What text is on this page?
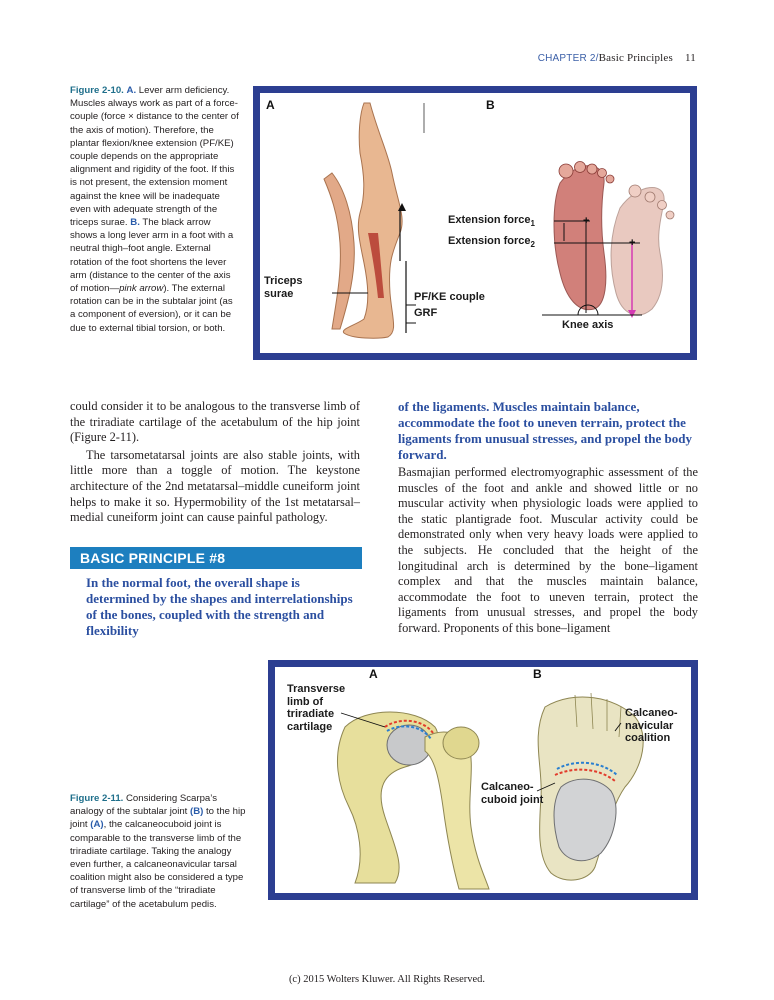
CHAPTER 2/Basic Principles 11
Figure 2-10. A. Lever arm deficiency. Muscles always work as part of a force-couple (force × distance to the center of the axis of motion). Therefore, the plantar flexion/knee extension (PF/KE) couple depends on the appropriate alignment and rigidity of the foot. If this is not present, the extension moment against the knee will be inadequate even with adequate strength of the triceps surae. B. The black arrow shows a long lever arm in a foot with a neutral thigh–foot angle. External rotation of the foot shortens the lever arm (distance to the center of the axis of motion—pink arrow). The external rotation can be in the subtalar joint (as a component of eversion), or it can be due to external tibial torsion, or both.
+
+
A	B
Triceps
surae	PF/KE couple
GRF
Extension force$_1$
Extension force$_2$
Knee axis

could consider it to be analogous to the transverse limb of the triradiate cartilage of the acetabulum of the hip joint (Figure 2-11).

The tarsometatarsal joints are also stable joints, with little more than a toggle of motion. The keystone architecture of the 2nd metatarsal–middle cuneiform joint helps to make it so. Hypermobility of the 1st metatarsal–medial cuneiform joint can cause painful pathology.

BASIC PRINCIPLE #8
In the normal foot, the overall shape is determined by the shapes and interrelationships of the bones, coupled with the strength and flexibility
of the ligaments. Muscles maintain balance, accommodate the foot to uneven terrain, protect the ligaments from unusual stresses, and propel the body forward.

Basmajian performed electromyographic assessment of the muscles of the foot and ankle and showed little or no muscular activity when physiologic loads were applied to the static plantigrade foot. Muscular activity could be demonstrated only when very heavy loads were applied to the subjects. He concluded that the height of the longitudinal arch is determined by the bone–ligament complex and that the muscles maintain balance, accommodate the foot to uneven terrain, protect the ligaments from unusual stresses, and propel the body forward. Proponents of this bone–ligament

Figure 2-11. Considering Scarpa’s analogy of the subtalar joint (B) to the hip joint (A), the calcaneocuboid joint is comparable to the transverse limb of the triradiate cartilage. Taking the analogy even further, a calcaneonavicular tarsal coalition might also be considered a type of transverse limb of the “triradiate cartilage” of the acetabulum pedis.
A	B
Transverse
limb of
triradiate
cartilage
Calcaneo-
navicular
coalition
Calcaneo-
cuboid joint
(c) 2015 Wolters Kluwer. All Rights Reserved.
